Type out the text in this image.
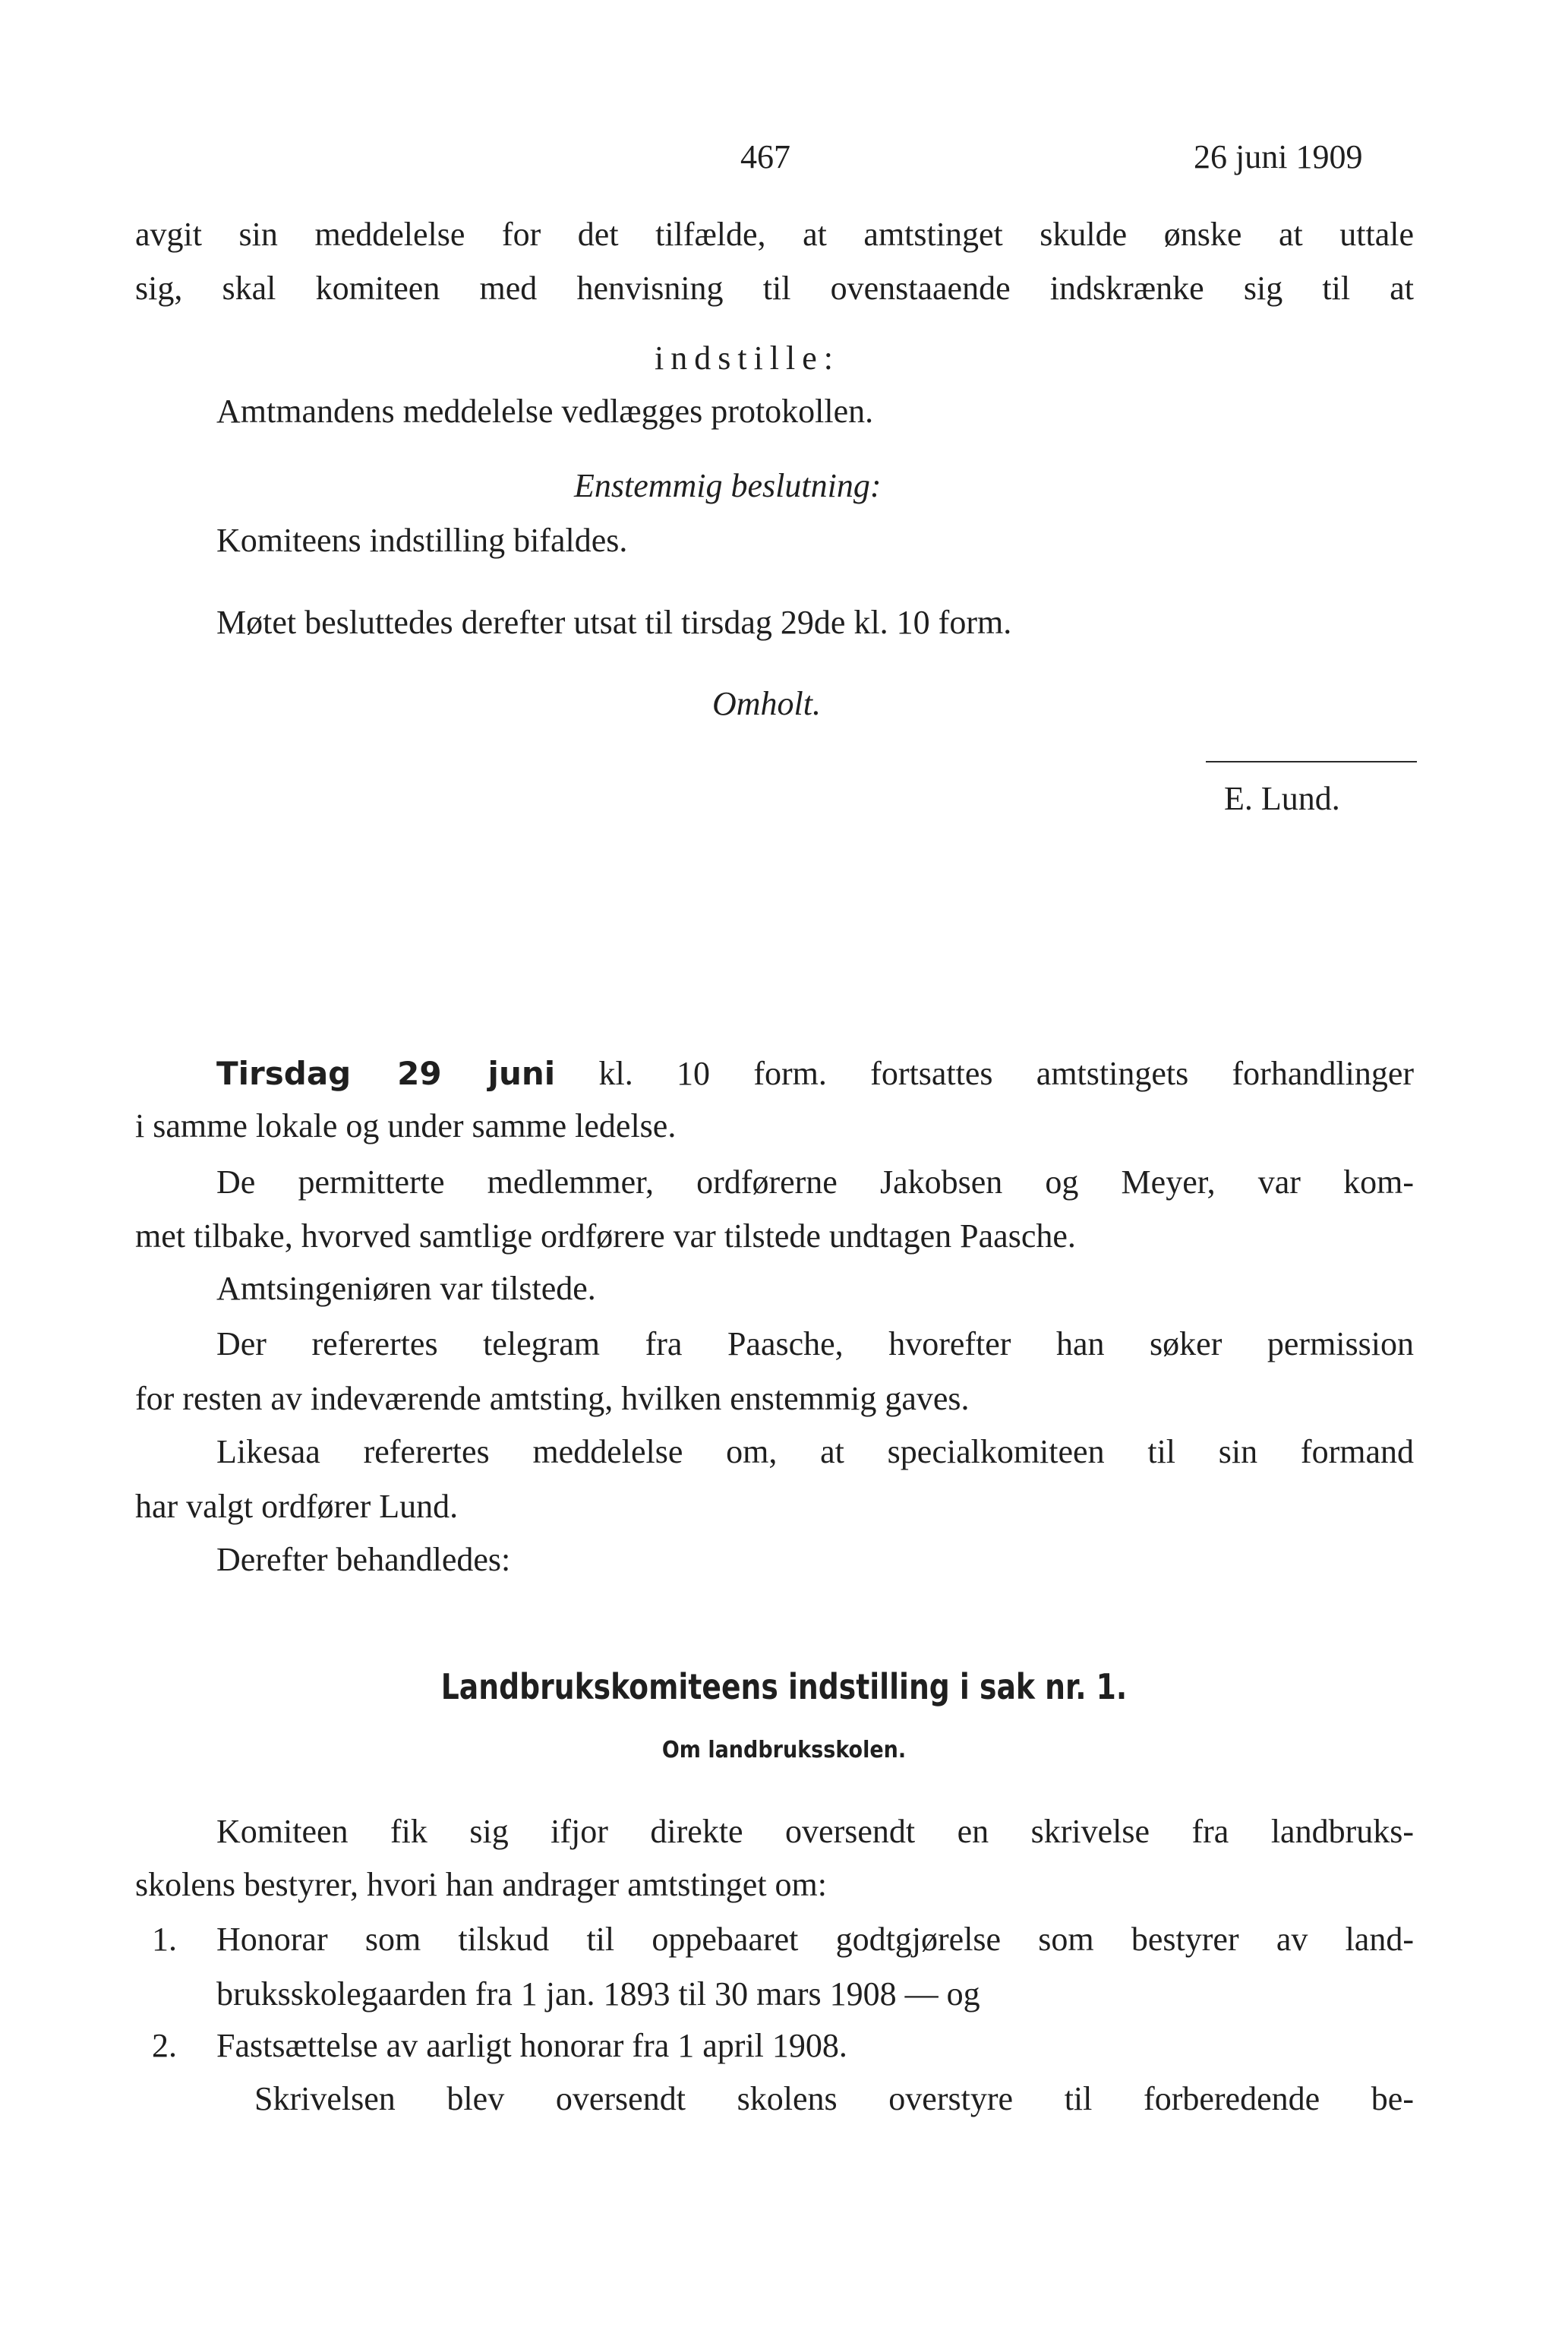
467	26 juni 1909
avgit sin meddelelse for det tilfælde, at amtstinget skulde ønske at uttale
sig, skal komiteen med henvisning til ovenstaaende indskrænke sig til at
indstille:
Amtmandens meddelelse vedlægges protokollen.
Enstemmig beslutning:
Komiteens indstilling bifaldes.
Møtet besluttedes derefter utsat til tirsdag 29de kl. 10 form.
Omholt.
E. Lund.
Tirsdag 29 juni kl. 10 form. fortsattes amtstingets forhandlinger
i samme lokale og under samme ledelse.
De permitterte medlemmer, ordførerne Jakobsen og Meyer, var kom-
met tilbake, hvorved samtlige ordførere var tilstede undtagen Paasche.
Amtsingeniøren var tilstede.
Der referertes telegram fra Paasche, hvorefter han søker permission
for resten av indeværende amtsting, hvilken enstemmig gaves.
Likesaa referertes meddelelse om, at specialkomiteen til sin formand
har valgt ordfører Lund.
Derefter behandledes:
Landbrukskomiteens indstilling i sak nr. 1.
Om landbruksskolen.
Komiteen fik sig ifjor direkte oversendt en skrivelse fra landbruks-
skolens bestyrer, hvori han andrager amtstinget om:
1. Honorar som tilskud til oppebaaret godtgjørelse som bestyrer av land-
bruksskolegaarden fra 1 jan. 1893 til 30 mars 1908 — og
2. Fastsættelse av aarligt honorar fra 1 april 1908.
Skrivelsen blev oversendt skolens overstyre til forberedende be-
